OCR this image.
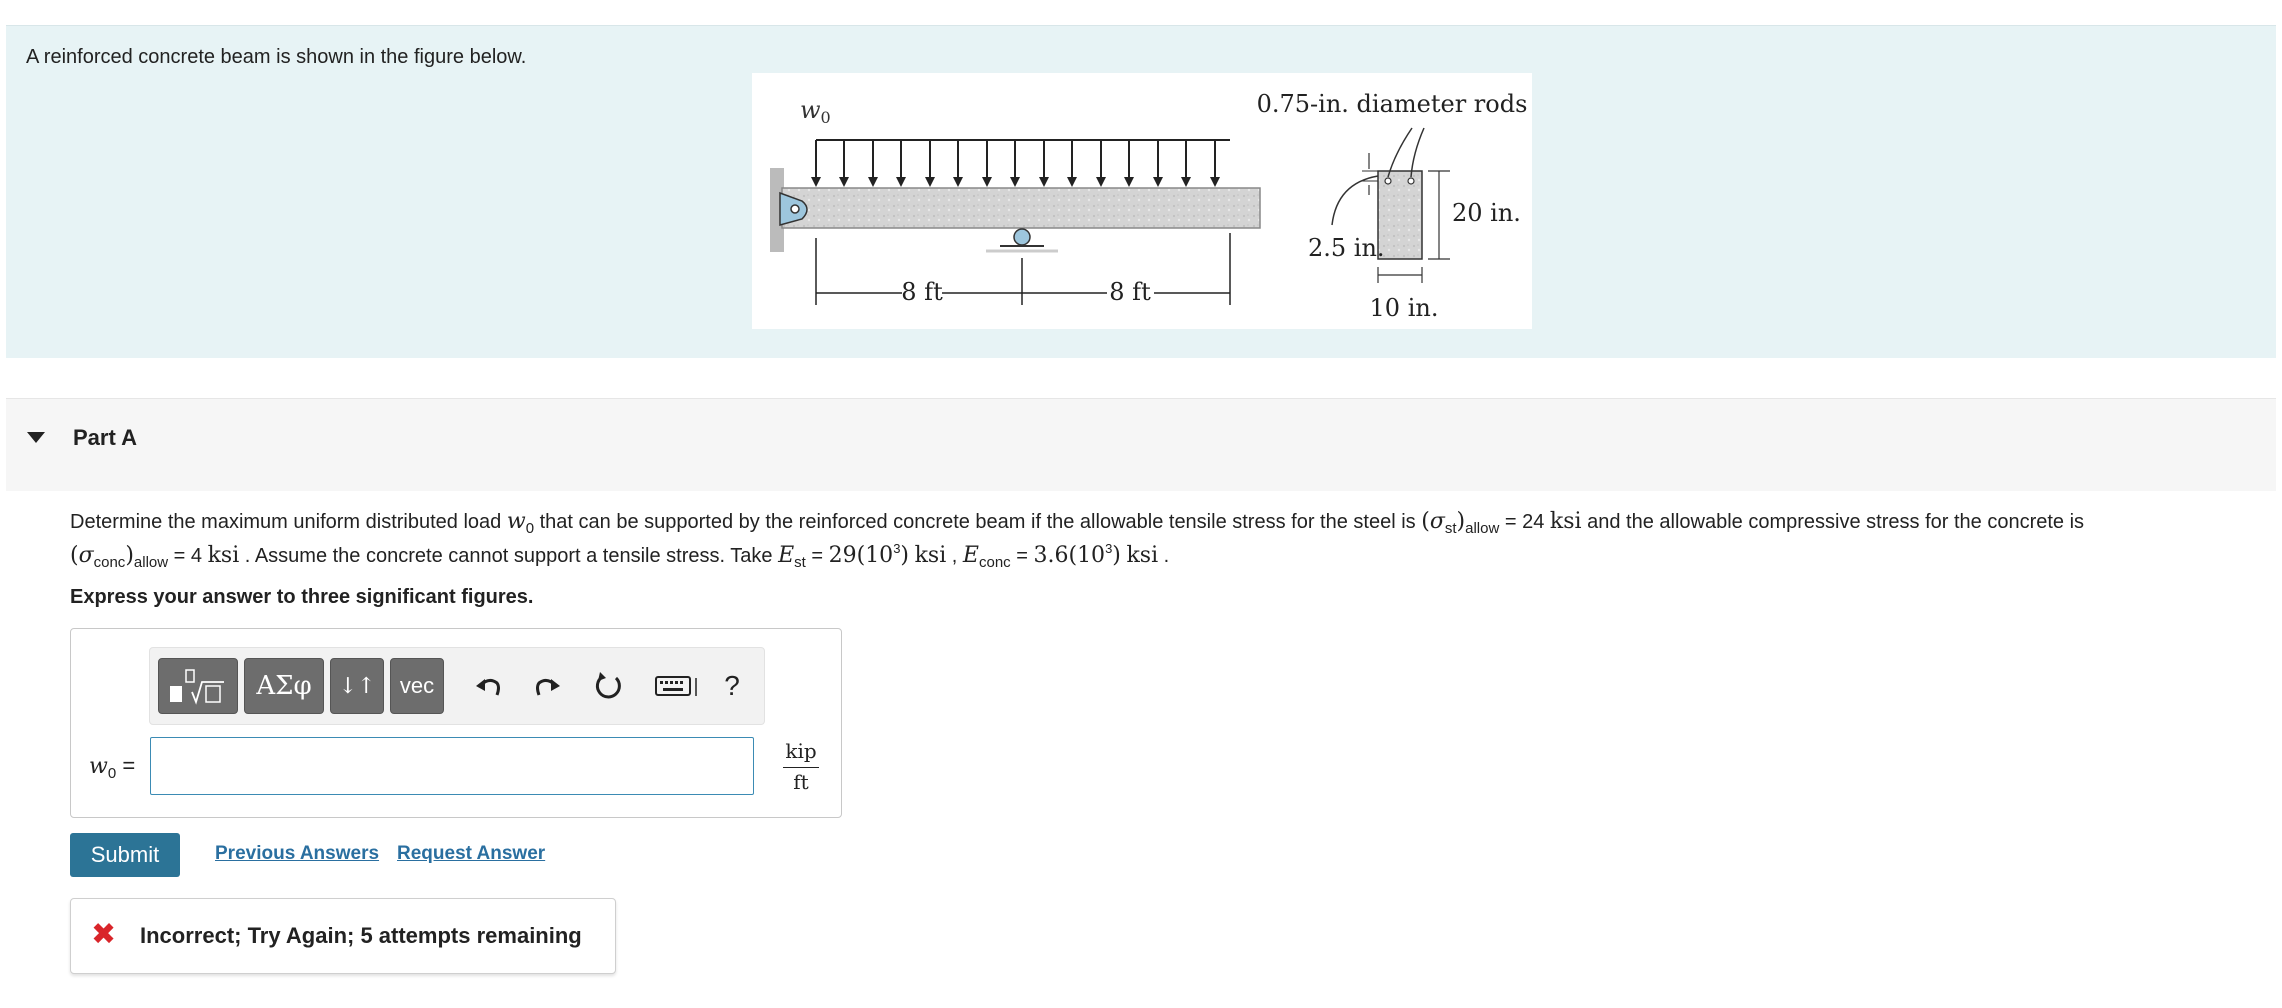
A reinforced concrete beam is shown in the figure below.
$w_0$
8 ft	8 ft
0.75-in. diameter rods
2.5 in.
20 in.
10 in.
Part A
Determine the maximum uniform distributed load $w_0$ that can be supported by the reinforced concrete beam if the allowable tensile stress for the steel is $(\sigma_{st})_{allow} = 24$ ksi and the allowable compressive stress for the concrete is
$(\sigma_{conc})_{allow} = 4$ ksi . Assume the concrete cannot support a tensile stress. Take $E_{st} = 29(10^3)$ ksi , $E_{conc} = 3.6(10^3)$ ksi .
Express your answer to three significant figures.
ΑΣφ	↓↑	vec	?
$w_0$ =
kip
ft
Submit	Previous Answers Request Answer
✖ Incorrect; Try Again; 5 attempts remaining
